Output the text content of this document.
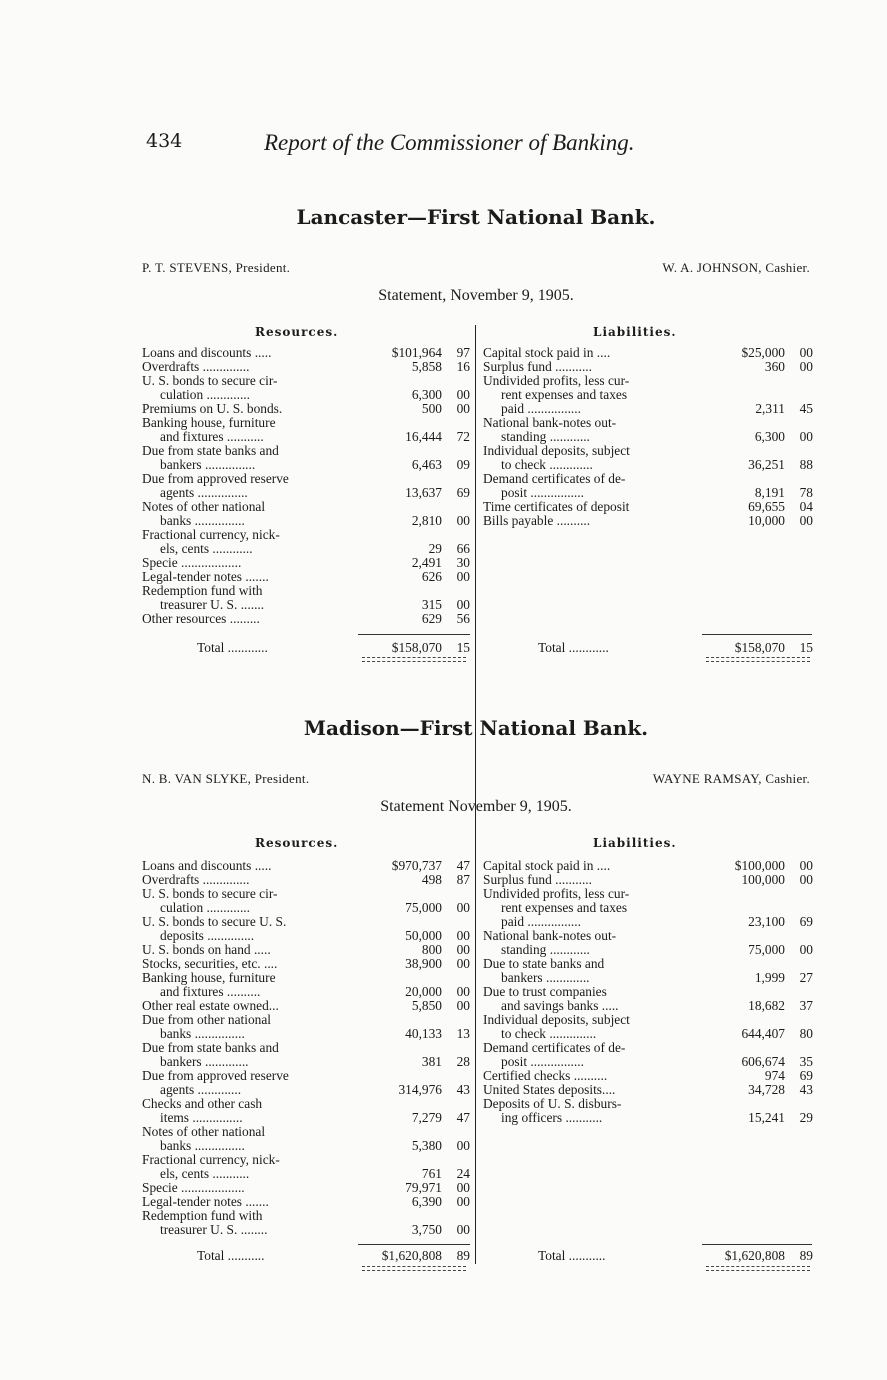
434	Report of the Commissioner of Banking.
Lancaster—First National Bank.
P. T. STEVENS, President.	W. A. JOHNSON, Cashier.
Statement, November 9, 1905.
Resources.	Liabilities.
Loans and discounts .....	$101,964	97
Overdrafts ..............	5,858	16
U. S. bonds to secure cir-
culation .............	6,300	00
Premiums on U. S. bonds.	500	00
Banking house, furniture
and fixtures ...........	16,444	72
Due from state banks and
bankers ...............	6,463	09
Due from approved reserve
agents ...............	13,637	69
Notes of other national
banks ...............	2,810	00
Fractional currency, nick-
els, cents ............	29	66
Specie ..................	2,491	30
Legal-tender notes .......	626	00
Redemption fund with
treasurer U. S. .......	315	00
Other resources .........	629	56
Capital stock paid in ....	$25,000	00
Surplus fund ...........	360	00
Undivided profits, less cur-
rent expenses and taxes
paid ................	2,311	45
National bank-notes out-
standing ............	6,300	00
Individual deposits, subject
to check .............	36,251	88
Demand certificates of de-
posit ................	8,191	78
Time certificates of deposit	69,655	04
Bills payable ..........	10,000	00
Total ............	$158,070	15	Total ............	$158,070	15
Madison—First National Bank.
N. B. VAN SLYKE, President.	WAYNE RAMSAY, Cashier.
Statement November 9, 1905.
Resources.	Liabilities.
Loans and discounts .....	$970,737	47
Overdrafts ..............	498	87
U. S. bonds to secure cir-
culation .............	75,000	00
U. S. bonds to secure U. S.
deposits ..............	50,000	00
U. S. bonds on hand .....	800	00
Stocks, securities, etc. ....	38,900	00
Banking house, furniture
and fixtures ..........	20,000	00
Other real estate owned...	5,850	00
Due from other national
banks ...............	40,133	13
Due from state banks and
bankers .............	381	28
Due from approved reserve
agents .............	314,976	43
Checks and other cash
items ...............	7,279	47
Notes of other national
banks ...............	5,380	00
Fractional currency, nick-
els, cents ...........	761	24
Specie ...................	79,971	00
Legal-tender notes .......	6,390	00
Redemption fund with
treasurer U. S. ........	3,750	00
Capital stock paid in ....	$100,000	00
Surplus fund ...........	100,000	00
Undivided profits, less cur-
rent expenses and taxes
paid ................	23,100	69
National bank-notes out-
standing ............	75,000	00
Due to state banks and
bankers .............	1,999	27
Due to trust companies
and savings banks .....	18,682	37
Individual deposits, subject
to check ..............	644,407	80
Demand certificates of de-
posit ................	606,674	35
Certified checks ..........	974	69
United States deposits....	34,728	43
Deposits of U. S. disburs-
ing officers ...........	15,241	29
Total ...........	$1,620,808	89	Total ...........	$1,620,808	89
